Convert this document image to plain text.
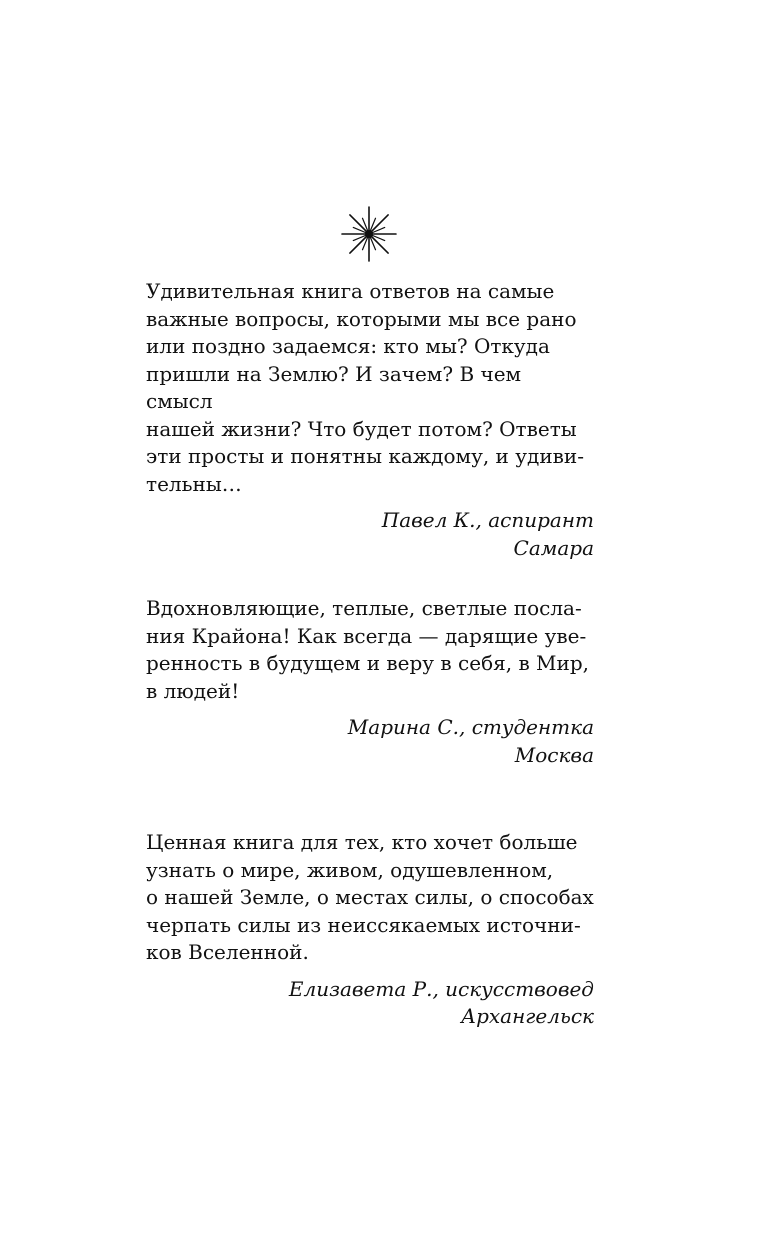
Удивительная книга ответов на самые
важные вопросы, которыми мы все рано
или поздно задаемся: кто мы? Откуда
пришли на Землю? И зачем? В чем смысл
нашей жизни? Что будет потом? Ответы
эти просты и понятны каждому, и удиви-
тельны…

Павел К., аспирант
Самара

Вдохновляющие, теплые, светлые посла-
ния Крайона! Как всегда — дарящие уве-
ренность в будущем и веру в себя, в Мир,
в людей!

Марина С., студентка
Москва

Ценная книга для тех, кто хочет больше
узнать о мире, живом, одушевленном,
о нашей Земле, о местах силы, о способах
черпать силы из неиссякаемых источни-
ков Вселенной.

Елизавета Р., искусствовед
Архангельск
